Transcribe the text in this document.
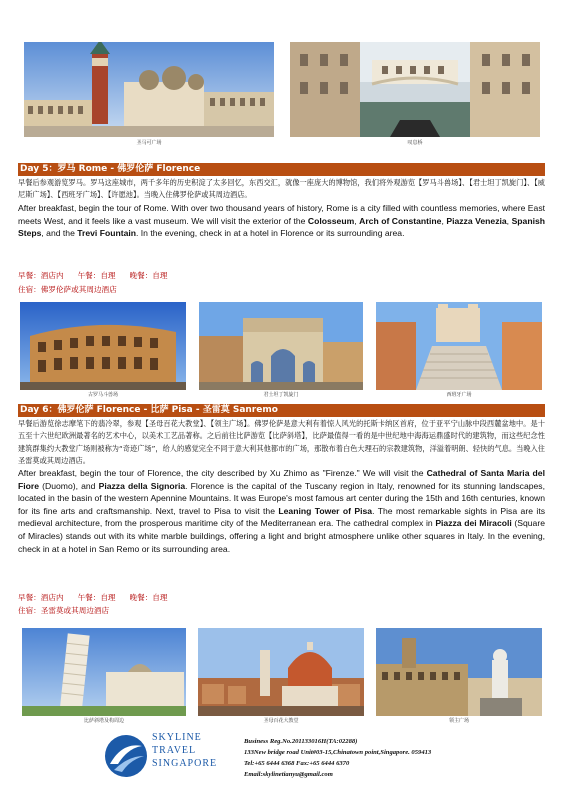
圣马可广场	叹息桥
Day 5：罗马 Rome - 佛罗伦萨 Florence
早餐后参观游览罗马。罗马这座城市，两千多年的历史积淀了太多回忆，东西交汇，就像一座庞大的博物馆，我们将外观游览【罗马斗兽场】、【君士坦丁凯旋门】、【威尼斯广场】、【西班牙广场】、【许愿池】。当晚入住佛罗伦萨或其周边酒店。
After breakfast, begin the tour of Rome. With over two thousand years of history, Rome is a city filled with countless memories, where East meets West, and it feels like a vast museum. We will visit the exterior of the Colosseum, Arch of Constantine, Piazza Venezia, Spanish Steps, and the Trevi Fountain. In the evening, check in at a hotel in Florence or its surrounding area.
早餐：酒店内 午餐：自理 晚餐：自理
住宿：佛罗伦萨或其周边酒店
古罗马斗兽场	君士坦丁凯旋门	西班牙广场
Day 6：佛罗伦萨 Florence - 比萨 Pisa - 圣雷莫 Sanremo
早餐后游览徐志摩笔下的翡冷翠，参观【圣母百花大教堂】、【领主广场】。佛罗伦萨是意大利有着惊人风光的托斯卡纳区首府，位于亚平宁山脉中段西麓盆地中。是十五至十六世纪欧洲最著名的艺术中心，以美术工艺品著称。之后前往比萨游览【比萨斜塔】，比萨最值得一看的是中世纪地中海海运鼎盛时代的建筑物，而这些纪念性建筑群集约大教堂广场则被称为“奇迹广场”，给人的感觉完全不同于意大利其他都市的广场，那散布着白色大理石的宗教建筑物，洋溢着明朗、轻快的气息。当晚入住圣雷莫或其周边酒店。
After breakfast, begin the tour of Florence, the city described by Xu Zhimo as "Firenze." We will visit the Cathedral of Santa Maria del Fiore (Duomo), and Piazza della Signoria. Florence is the capital of the Tuscany region in Italy, renowned for its stunning landscapes, located in the basin of the western Apennine Mountains. It was Europe's most famous art center during the 15th and 16th centuries, known for its fine arts and craftsmanship. Next, travel to Pisa to visit the Leaning Tower of Pisa. The most remarkable sights in Pisa are its medieval architecture, from the prosperous maritime city of the Mediterranean era. The cathedral complex in Piazza dei Miracoli (Square of Miracles) stands out with its white marble buildings, offering a light and bright atmosphere unlike other squares in Italy. In the evening, check in at a hotel in San Remo or its surrounding area.
早餐：酒店内 午餐：自理 晚餐：自理
住宿：圣雷莫或其周边酒店
比萨斜塔及构周边	圣母百花大教堂	领主广场
SKYLINE
TRAVEL
SINGAPORE
Business Reg.No.201133016H(TA:02288)
133New bridge road Unit#03-15,Chinatown point,Singapore. 059413
Tel:+65 6444 6368 Fax:+65 6444 6370
Email:skylinetianyu@gmail.com
